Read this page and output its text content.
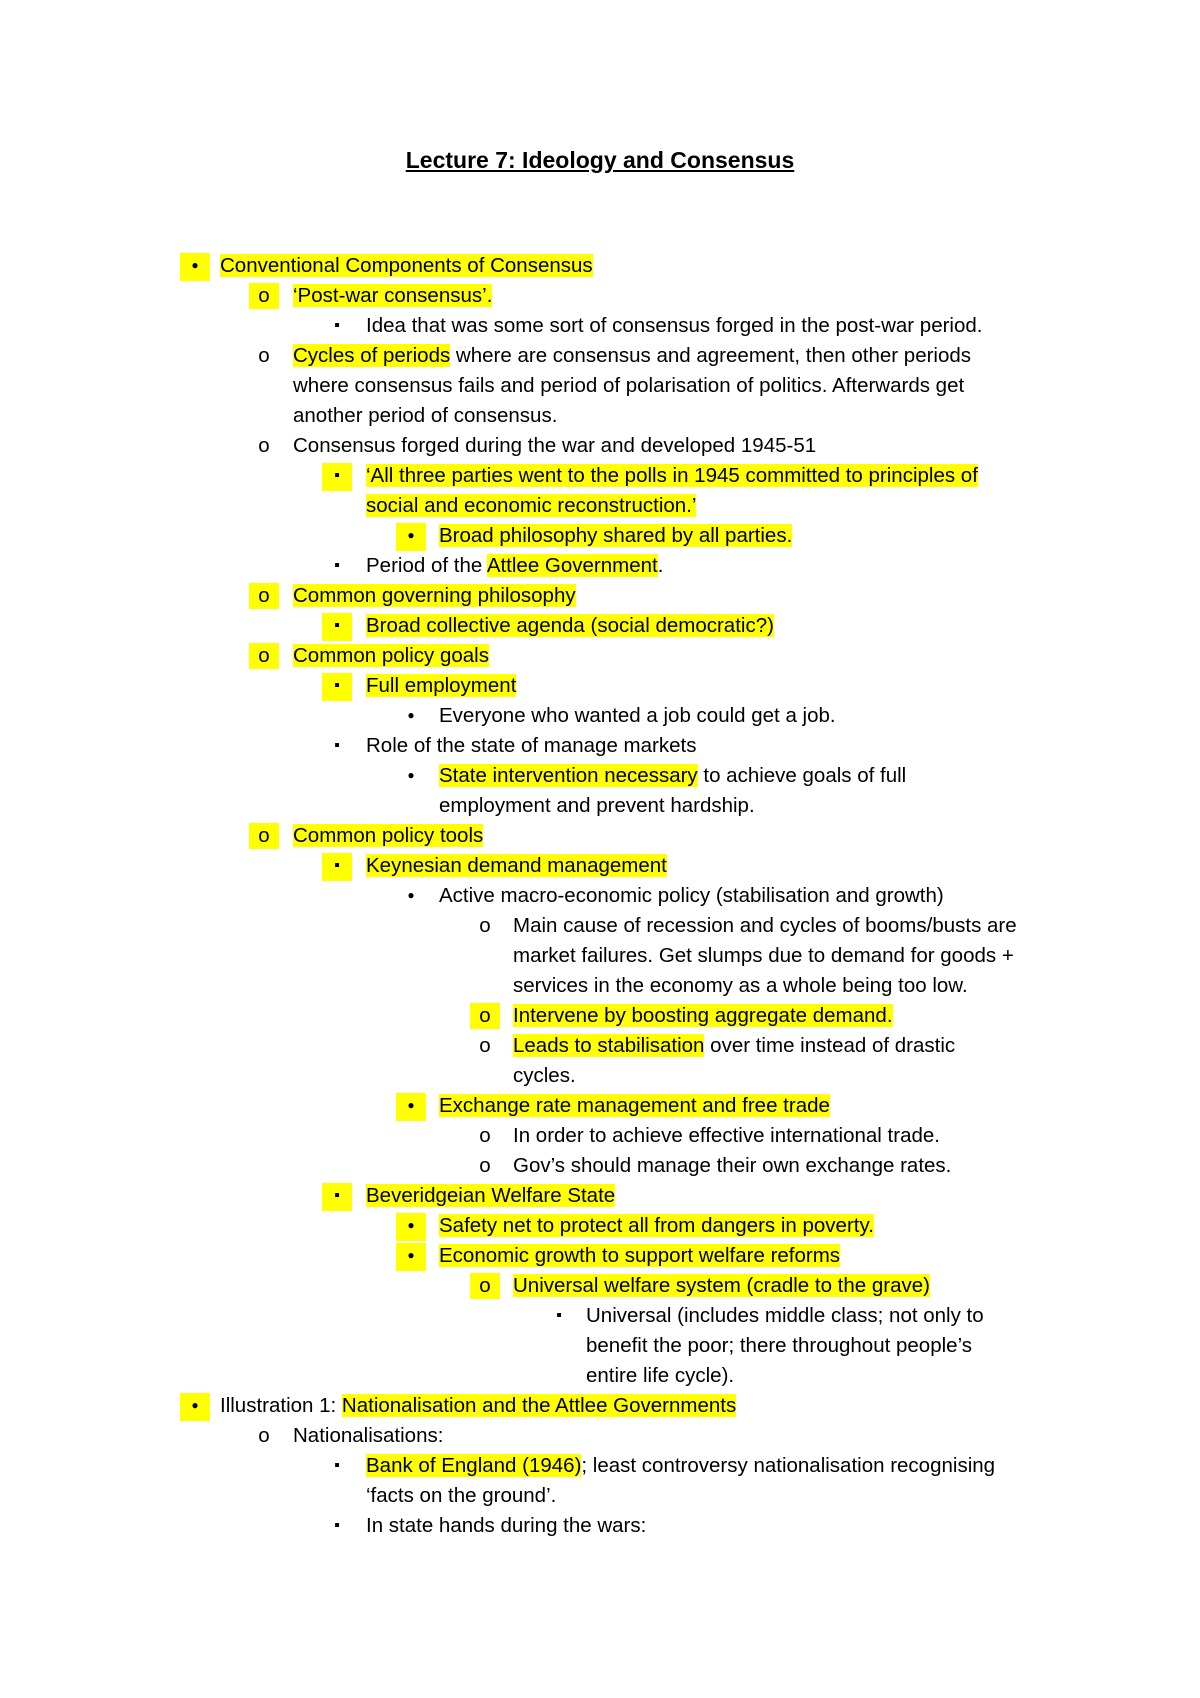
Lecture 7: Ideology and Consensus
●
Conventional Components of Consensus
o
‘Post-war consensus’.
▪
Idea that was some sort of consensus forged in the post-war period.
o
Cycles of periods where are consensus and agreement, then other periods
where consensus fails and period of polarisation of politics. Afterwards get
another period of consensus.
o
Consensus forged during the war and developed 1945-51
▪
‘All three parties went to the polls in 1945 committed to principles of
social and economic reconstruction.’
●
Broad philosophy shared by all parties.
▪
Period of the Attlee Government.
o
Common governing philosophy
▪
Broad collective agenda (social democratic?)
o
Common policy goals
▪
Full employment
●
Everyone who wanted a job could get a job.
▪
Role of the state of manage markets
●
State intervention necessary to achieve goals of full
employment and prevent hardship.
o
Common policy tools
▪
Keynesian demand management
●
Active macro-economic policy (stabilisation and growth)
o
Main cause of recession and cycles of booms/busts are
market failures. Get slumps due to demand for goods +
services in the economy as a whole being too low.
o
Intervene by boosting aggregate demand.
o
Leads to stabilisation over time instead of drastic
cycles.
●
Exchange rate management and free trade
o
In order to achieve effective international trade.
o
Gov’s should manage their own exchange rates.
▪
Beveridgeian Welfare State
●
Safety net to protect all from dangers in poverty.
●
Economic growth to support welfare reforms
o
Universal welfare system (cradle to the grave)
▪
Universal (includes middle class; not only to
benefit the poor; there throughout people’s
entire life cycle).
●
Illustration 1: Nationalisation and the Attlee Governments
o
Nationalisations:
▪
Bank of England (1946); least controversy nationalisation recognising
‘facts on the ground’.
▪
In state hands during the wars:
